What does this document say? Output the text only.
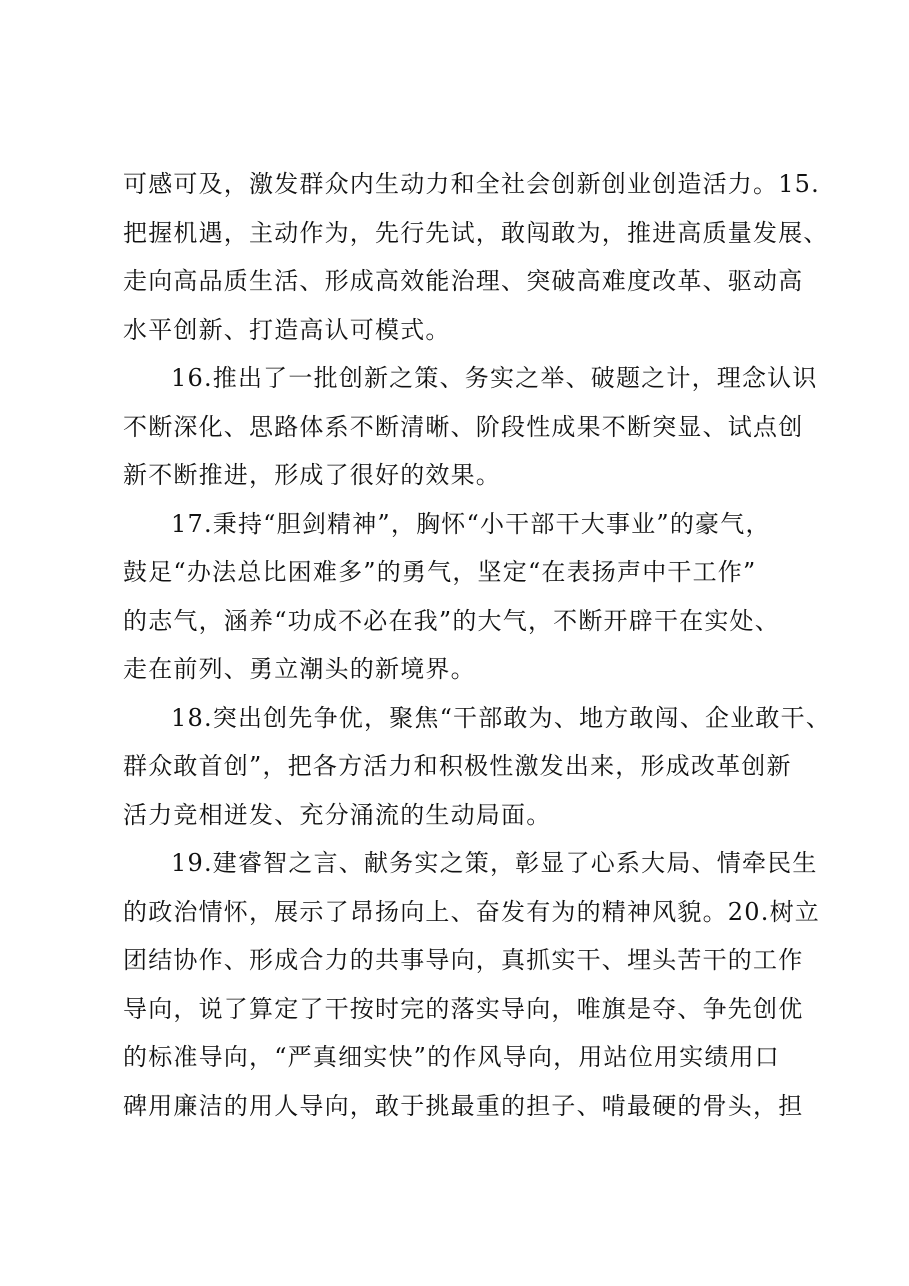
可感可及，激发群众内生动力和全社会创新创业创造活力。15.
把握机遇，主动作为，先行先试，敢闯敢为，推进高质量发展、
走向高品质生活、形成高效能治理、突破高难度改革、驱动高
水平创新、打造高认可模式。
16.推出了一批创新之策、务实之举、破题之计，理念认识
不断深化、思路体系不断清晰、阶段性成果不断突显、试点创
新不断推进，形成了很好的效果。
17.秉持“胆剑精神”，胸怀“小干部干大事业”的豪气，
鼓足“办法总比困难多”的勇气，坚定“在表扬声中干工作”
的志气，涵养“功成不必在我”的大气，不断开辟干在实处、
走在前列、勇立潮头的新境界。
18.突出创先争优，聚焦“干部敢为、地方敢闯、企业敢干、
群众敢首创”，把各方活力和积极性激发出来，形成改革创新
活力竞相迸发、充分涌流的生动局面。
19.建睿智之言、献务实之策，彰显了心系大局、情牵民生
的政治情怀，展示了昂扬向上、奋发有为的精神风貌。20.树立
团结协作、形成合力的共事导向，真抓实干、埋头苦干的工作
导向，说了算定了干按时完的落实导向，唯旗是夺、争先创优
的标准导向，“严真细实快”的作风导向，用站位用实绩用口
碑用廉洁的用人导向，敢于挑最重的担子、啃最硬的骨头，担
